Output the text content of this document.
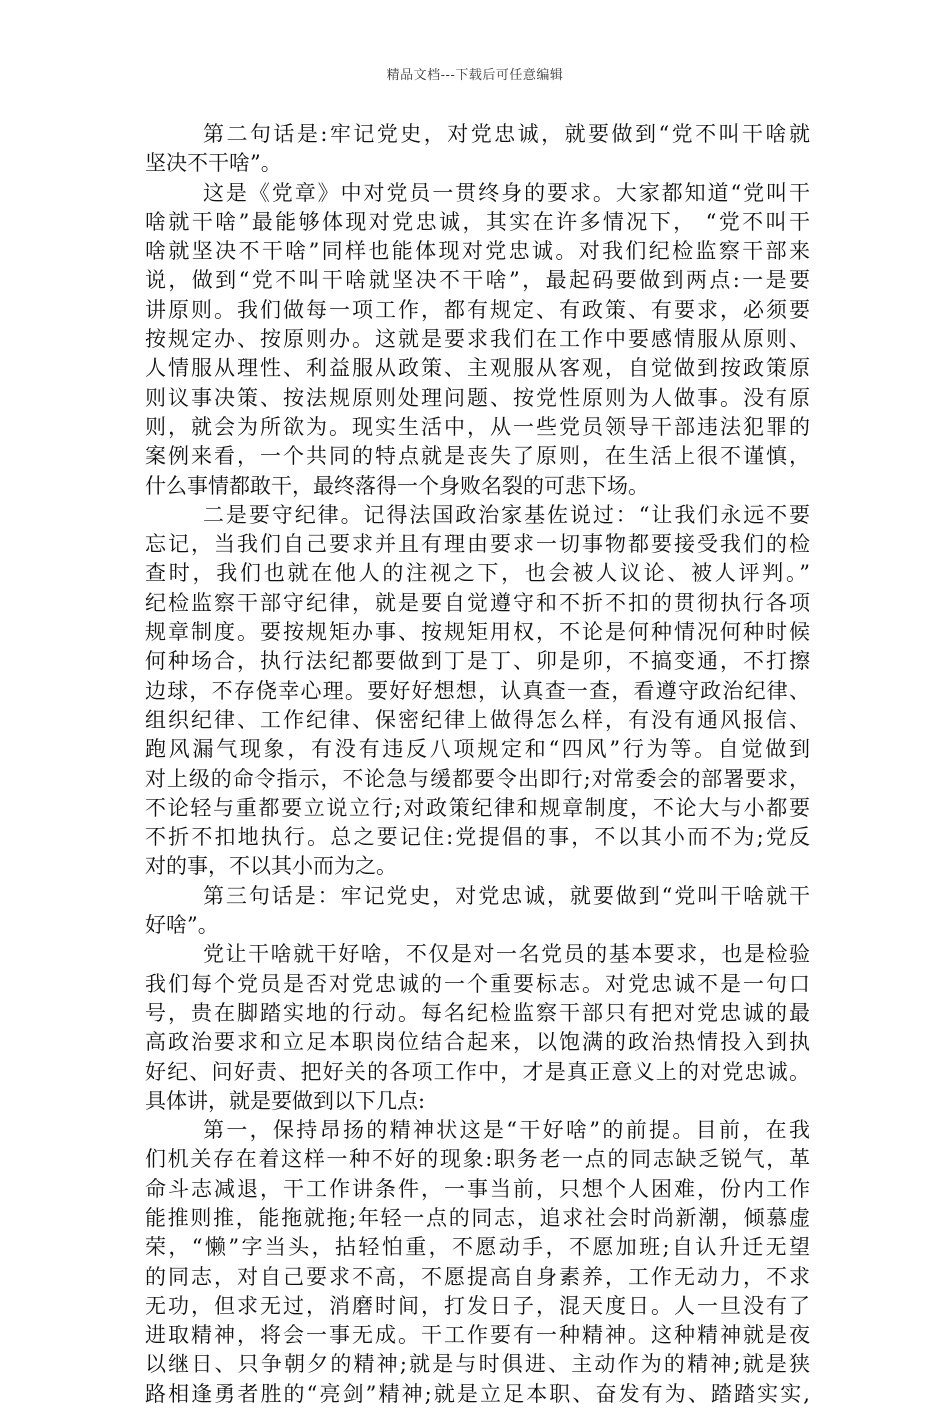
精品文档---下载后可任意编辑
第二句话是:牢记党史，对党忠诚，就要做到“党不叫干啥就
坚决不干啥”。
这是《党章》中对党员一贯终身的要求。大家都知道“党叫干
啥就干啥”最能够体现对党忠诚，其实在许多情况下， “党不叫干
啥就坚决不干啥”同样也能体现对党忠诚。对我们纪检监察干部来
说，做到“党不叫干啥就坚决不干啥”，最起码要做到两点:一是要
讲原则。我们做每一项工作，都有规定、有政策、有要求，必须要
按规定办、按原则办。这就是要求我们在工作中要感情服从原则、
人情服从理性、利益服从政策、主观服从客观，自觉做到按政策原
则议事决策、按法规原则处理问题、按党性原则为人做事。没有原
则，就会为所欲为。现实生活中，从一些党员领导干部违法犯罪的
案例来看，一个共同的特点就是丧失了原则，在生活上很不谨慎，
什么事情都敢干，最终落得一个身败名裂的可悲下场。
二是要守纪律。记得法国政治家基佐说过：“让我们永远不要
忘记，当我们自己要求并且有理由要求一切事物都要接受我们的检
查时，我们也就在他人的注视之下，也会被人议论、被人评判。”
纪检监察干部守纪律，就是要自觉遵守和不折不扣的贯彻执行各项
规章制度。要按规矩办事、按规矩用权，不论是何种情况何种时候
何种场合，执行法纪都要做到丁是丁、卯是卯，不搞变通，不打擦
边球，不存侥幸心理。要好好想想，认真查一查，看遵守政治纪律、
组织纪律、工作纪律、保密纪律上做得怎么样，有没有通风报信、
跑风漏气现象，有没有违反八项规定和“四风”行为等。自觉做到
对上级的命令指示，不论急与缓都要令出即行;对常委会的部署要求，
不论轻与重都要立说立行;对政策纪律和规章制度，不论大与小都要
不折不扣地执行。总之要记住:党提倡的事，不以其小而不为;党反
对的事，不以其小而为之。
第三句话是：牢记党史，对党忠诚，就要做到“党叫干啥就干
好啥”。
党让干啥就干好啥，不仅是对一名党员的基本要求，也是检验
我们每个党员是否对党忠诚的一个重要标志。对党忠诚不是一句口
号，贵在脚踏实地的行动。每名纪检监察干部只有把对党忠诚的最
高政治要求和立足本职岗位结合起来，以饱满的政治热情投入到执
好纪、问好责、把好关的各项工作中，才是真正意义上的对党忠诚。
具体讲，就是要做到以下几点:
第一，保持昂扬的精神状这是“干好啥”的前提。目前，在我
们机关存在着这样一种不好的现象:职务老一点的同志缺乏锐气，革
命斗志减退，干工作讲条件，一事当前，只想个人困难，份内工作
能推则推，能拖就拖;年轻一点的同志，追求社会时尚新潮，倾慕虚
荣，“懒”字当头，拈轻怕重，不愿动手，不愿加班;自认升迁无望
的同志，对自己要求不高，不愿提高自身素养，工作无动力，不求
无功，但求无过，消磨时间，打发日子，混天度日。人一旦没有了
进取精神，将会一事无成。干工作要有一种精神。这种精神就是夜
以继日、只争朝夕的精神;就是与时俱进、主动作为的精神;就是狭
路相逢勇者胜的“亮剑”精神;就是立足本职、奋发有为、踏踏实实,
